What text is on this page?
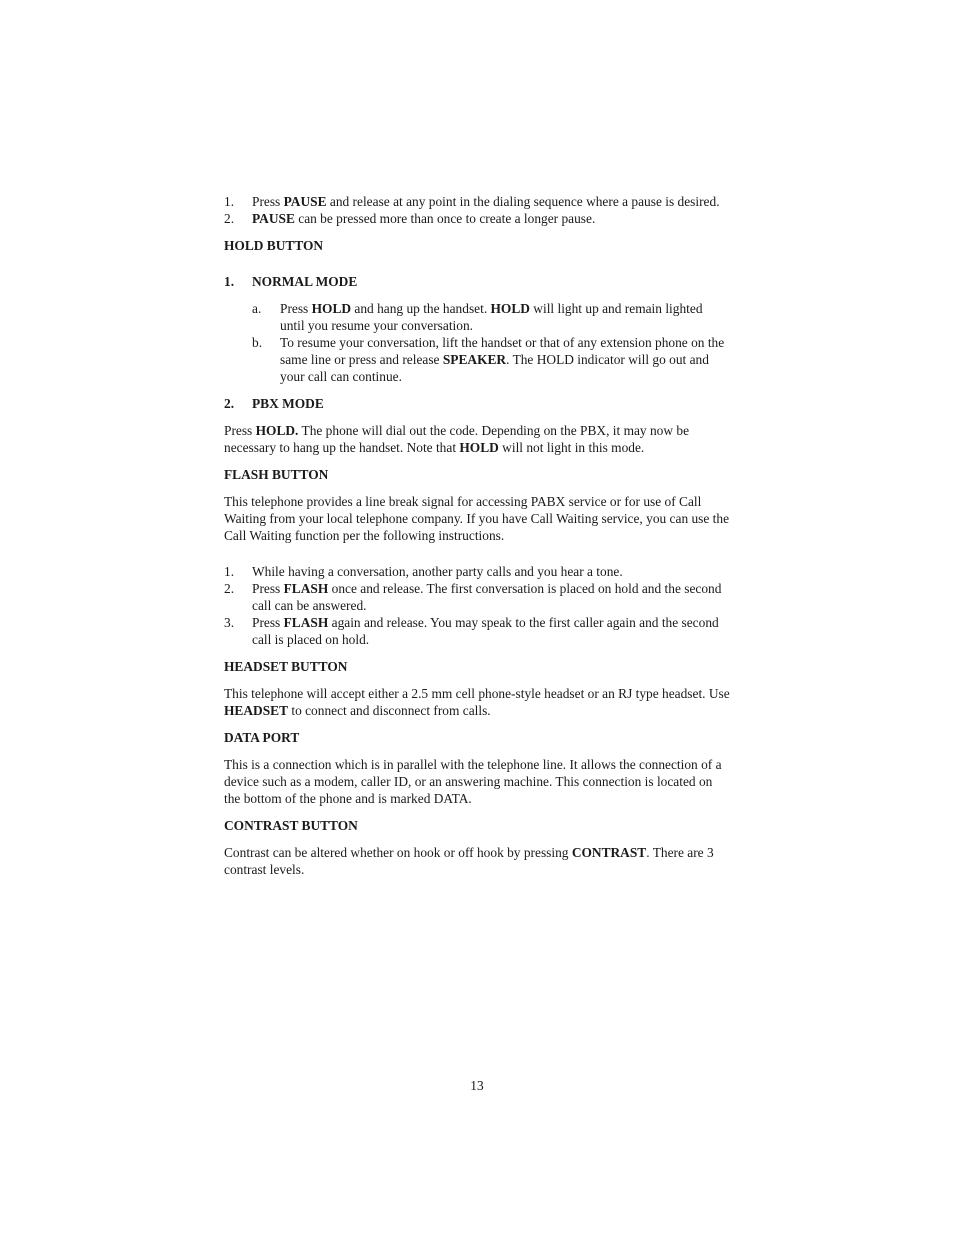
1. Press PAUSE and release at any point in the dialing sequence where a pause is desired.
2. PAUSE can be pressed more than once to create a longer pause.

HOLD BUTTON

1. NORMAL MODE

a. Press HOLD and hang up the handset. HOLD will light up and remain lighted until you resume your conversation.
b. To resume your conversation, lift the handset or that of any extension phone on the same line or press and release SPEAKER. The HOLD indicator will go out and your call can continue.

2. PBX MODE

Press HOLD. The phone will dial out the code. Depending on the PBX, it may now be necessary to hang up the handset. Note that HOLD will not light in this mode.

FLASH BUTTON

This telephone provides a line break signal for accessing PABX service or for use of Call Waiting from your local telephone company. If you have Call Waiting service, you can use the Call Waiting function per the following instructions.

1. While having a conversation, another party calls and you hear a tone.
2. Press FLASH once and release. The first conversation is placed on hold and the second call can be answered.
3. Press FLASH again and release. You may speak to the first caller again and the second call is placed on hold.

HEADSET BUTTON

This telephone will accept either a 2.5 mm cell phone-style headset or an RJ type headset. Use HEADSET to connect and disconnect from calls.

DATA PORT

This is a connection which is in parallel with the telephone line. It allows the connection of a device such as a modem, caller ID, or an answering machine. This connection is located on the bottom of the phone and is marked DATA.

CONTRAST BUTTON

Contrast can be altered whether on hook or off hook by pressing CONTRAST. There are 3 contrast levels.

13
